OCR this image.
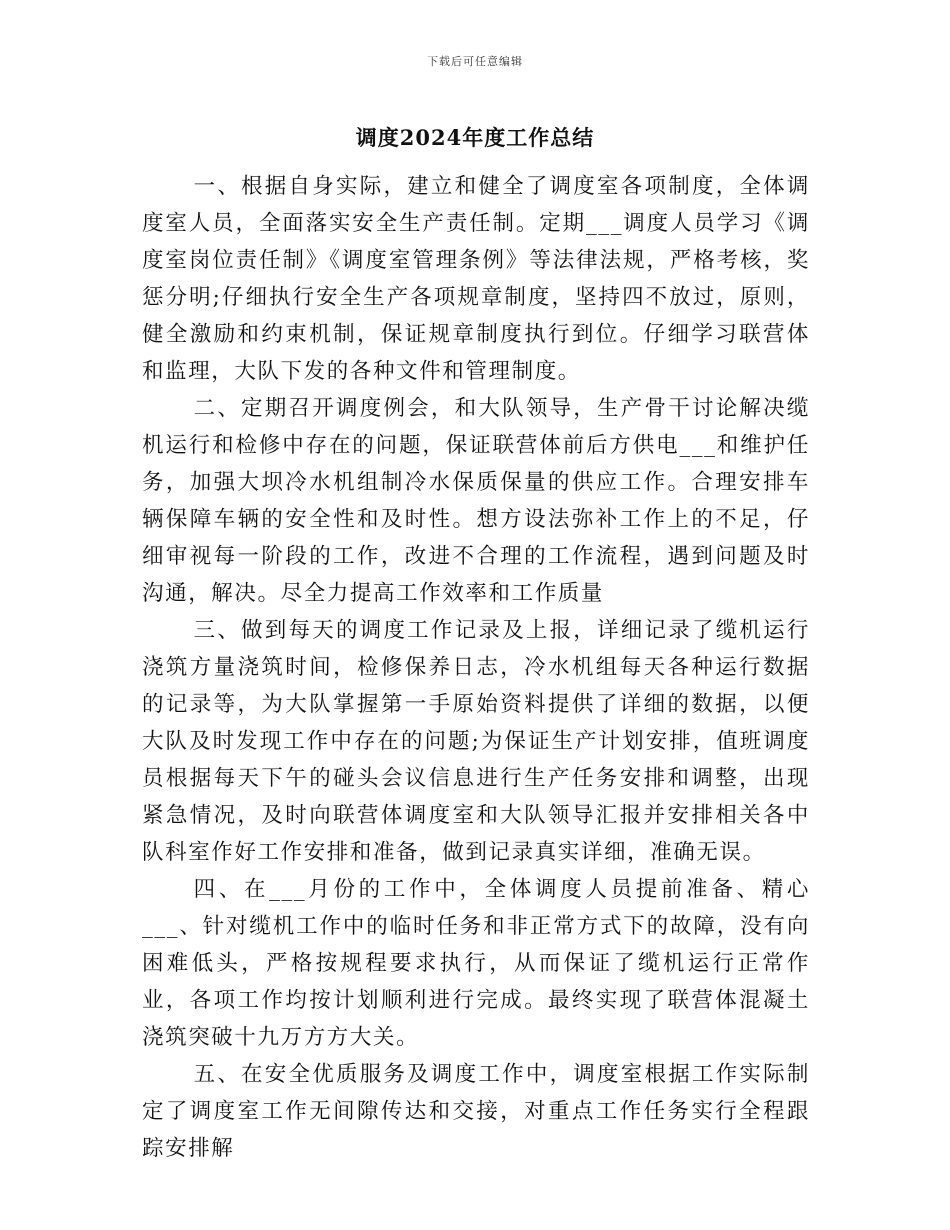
下载后可任意编辑
调度2024年度工作总结

一、根据自身实际，建立和健全了调度室各项制度，全体调度室人员，全面落实安全生产责任制。定期___调度人员学习《调度室岗位责任制》《调度室管理条例》等法律法规，严格考核，奖惩分明;仔细执行安全生产各项规章制度，坚持四不放过，原则，健全激励和约束机制，保证规章制度执行到位。仔细学习联营体和监理，大队下发的各种文件和管理制度。

二、定期召开调度例会，和大队领导，生产骨干讨论解决缆机运行和检修中存在的问题，保证联营体前后方供电___和维护任务，加强大坝冷水机组制冷水保质保量的供应工作。合理安排车辆保障车辆的安全性和及时性。想方设法弥补工作上的不足，仔细审视每一阶段的工作，改进不合理的工作流程，遇到问题及时沟通，解决。尽全力提高工作效率和工作质量

三、做到每天的调度工作记录及上报，详细记录了缆机运行浇筑方量浇筑时间，检修保养日志，冷水机组每天各种运行数据的记录等，为大队掌握第一手原始资料提供了详细的数据，以便大队及时发现工作中存在的问题;为保证生产计划安排，值班调度员根据每天下午的碰头会议信息进行生产任务安排和调整，出现紧急情况，及时向联营体调度室和大队领导汇报并安排相关各中队科室作好工作安排和准备，做到记录真实详细，准确无误。

四、在___月份的工作中，全体调度人员提前准备、精心___、针对缆机工作中的临时任务和非正常方式下的故障，没有向困难低头，严格按规程要求执行，从而保证了缆机运行正常作业，各项工作均按计划顺利进行完成。最终实现了联营体混凝土浇筑突破十九万方方大关。

五、在安全优质服务及调度工作中，调度室根据工作实际制定了调度室工作无间隙传达和交接，对重点工作任务实行全程跟踪安排解
